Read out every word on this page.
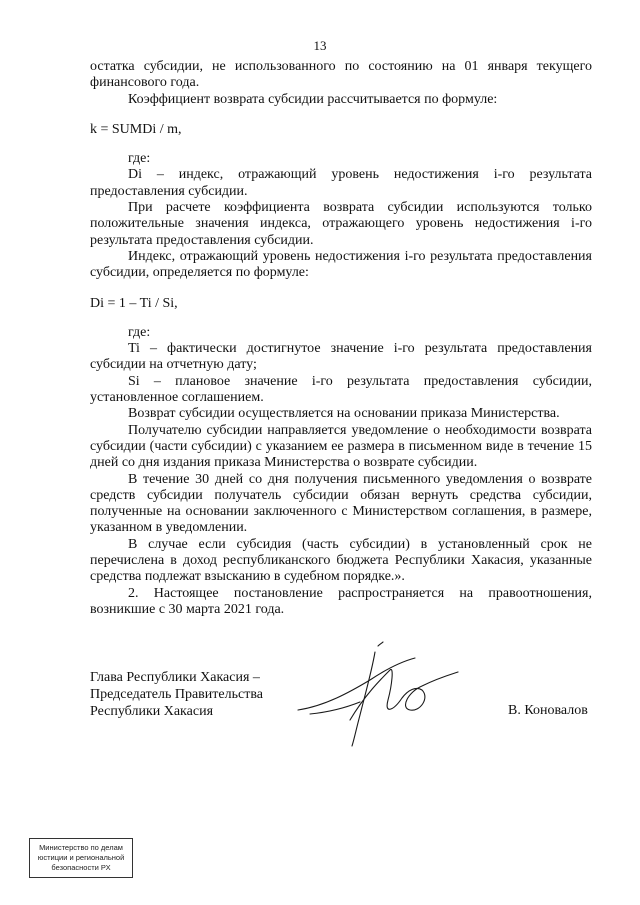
13

остатка субсидии, не использованного по состоянию на 01 января текущего финансового года.

Коэффициент возврата субсидии рассчитывается по формуле:

k = SUMDi / m,

где:

Di – индекс, отражающий уровень недостижения i-го результата предоставления субсидии.

При расчете коэффициента возврата субсидии используются только положительные значения индекса, отражающего уровень недостижения i-го результата предоставления субсидии.

Индекс, отражающий уровень недостижения i-го результата предоставления субсидии, определяется по формуле:

Di = 1 – Ti / Si,

где:

Ti – фактически достигнутое значение i-го результата предоставления субсидии на отчетную дату;

Si – плановое значение i-го результата предоставления субсидии, установленное соглашением.

Возврат субсидии осуществляется на основании приказа Министерства.

Получателю субсидии направляется уведомление о необходимости возврата субсидии (части субсидии) с указанием ее размера в письменном виде в течение 15 дней со дня издания приказа Министерства о возврате субсидии.

В течение 30 дней со дня получения письменного уведомления о возврате средств субсидии получатель субсидии обязан вернуть средства субсидии, полученные на основании заключенного с Министерством соглашения, в размере, указанном в уведомлении.

В случае если субсидия (часть субсидии) в установленный срок не перечислена в доход республиканского бюджета Республики Хакасия, указанные средства подлежат взысканию в судебном порядке.».

2. Настоящее постановление распространяется на правоотношения, возникшие с 30 марта 2021 года.

Глава Республики Хакасия –
Председатель Правительства
Республики Хакасия	В. Коновалов
Министерство по делам
юстиции и региональной
безопасности РХ
